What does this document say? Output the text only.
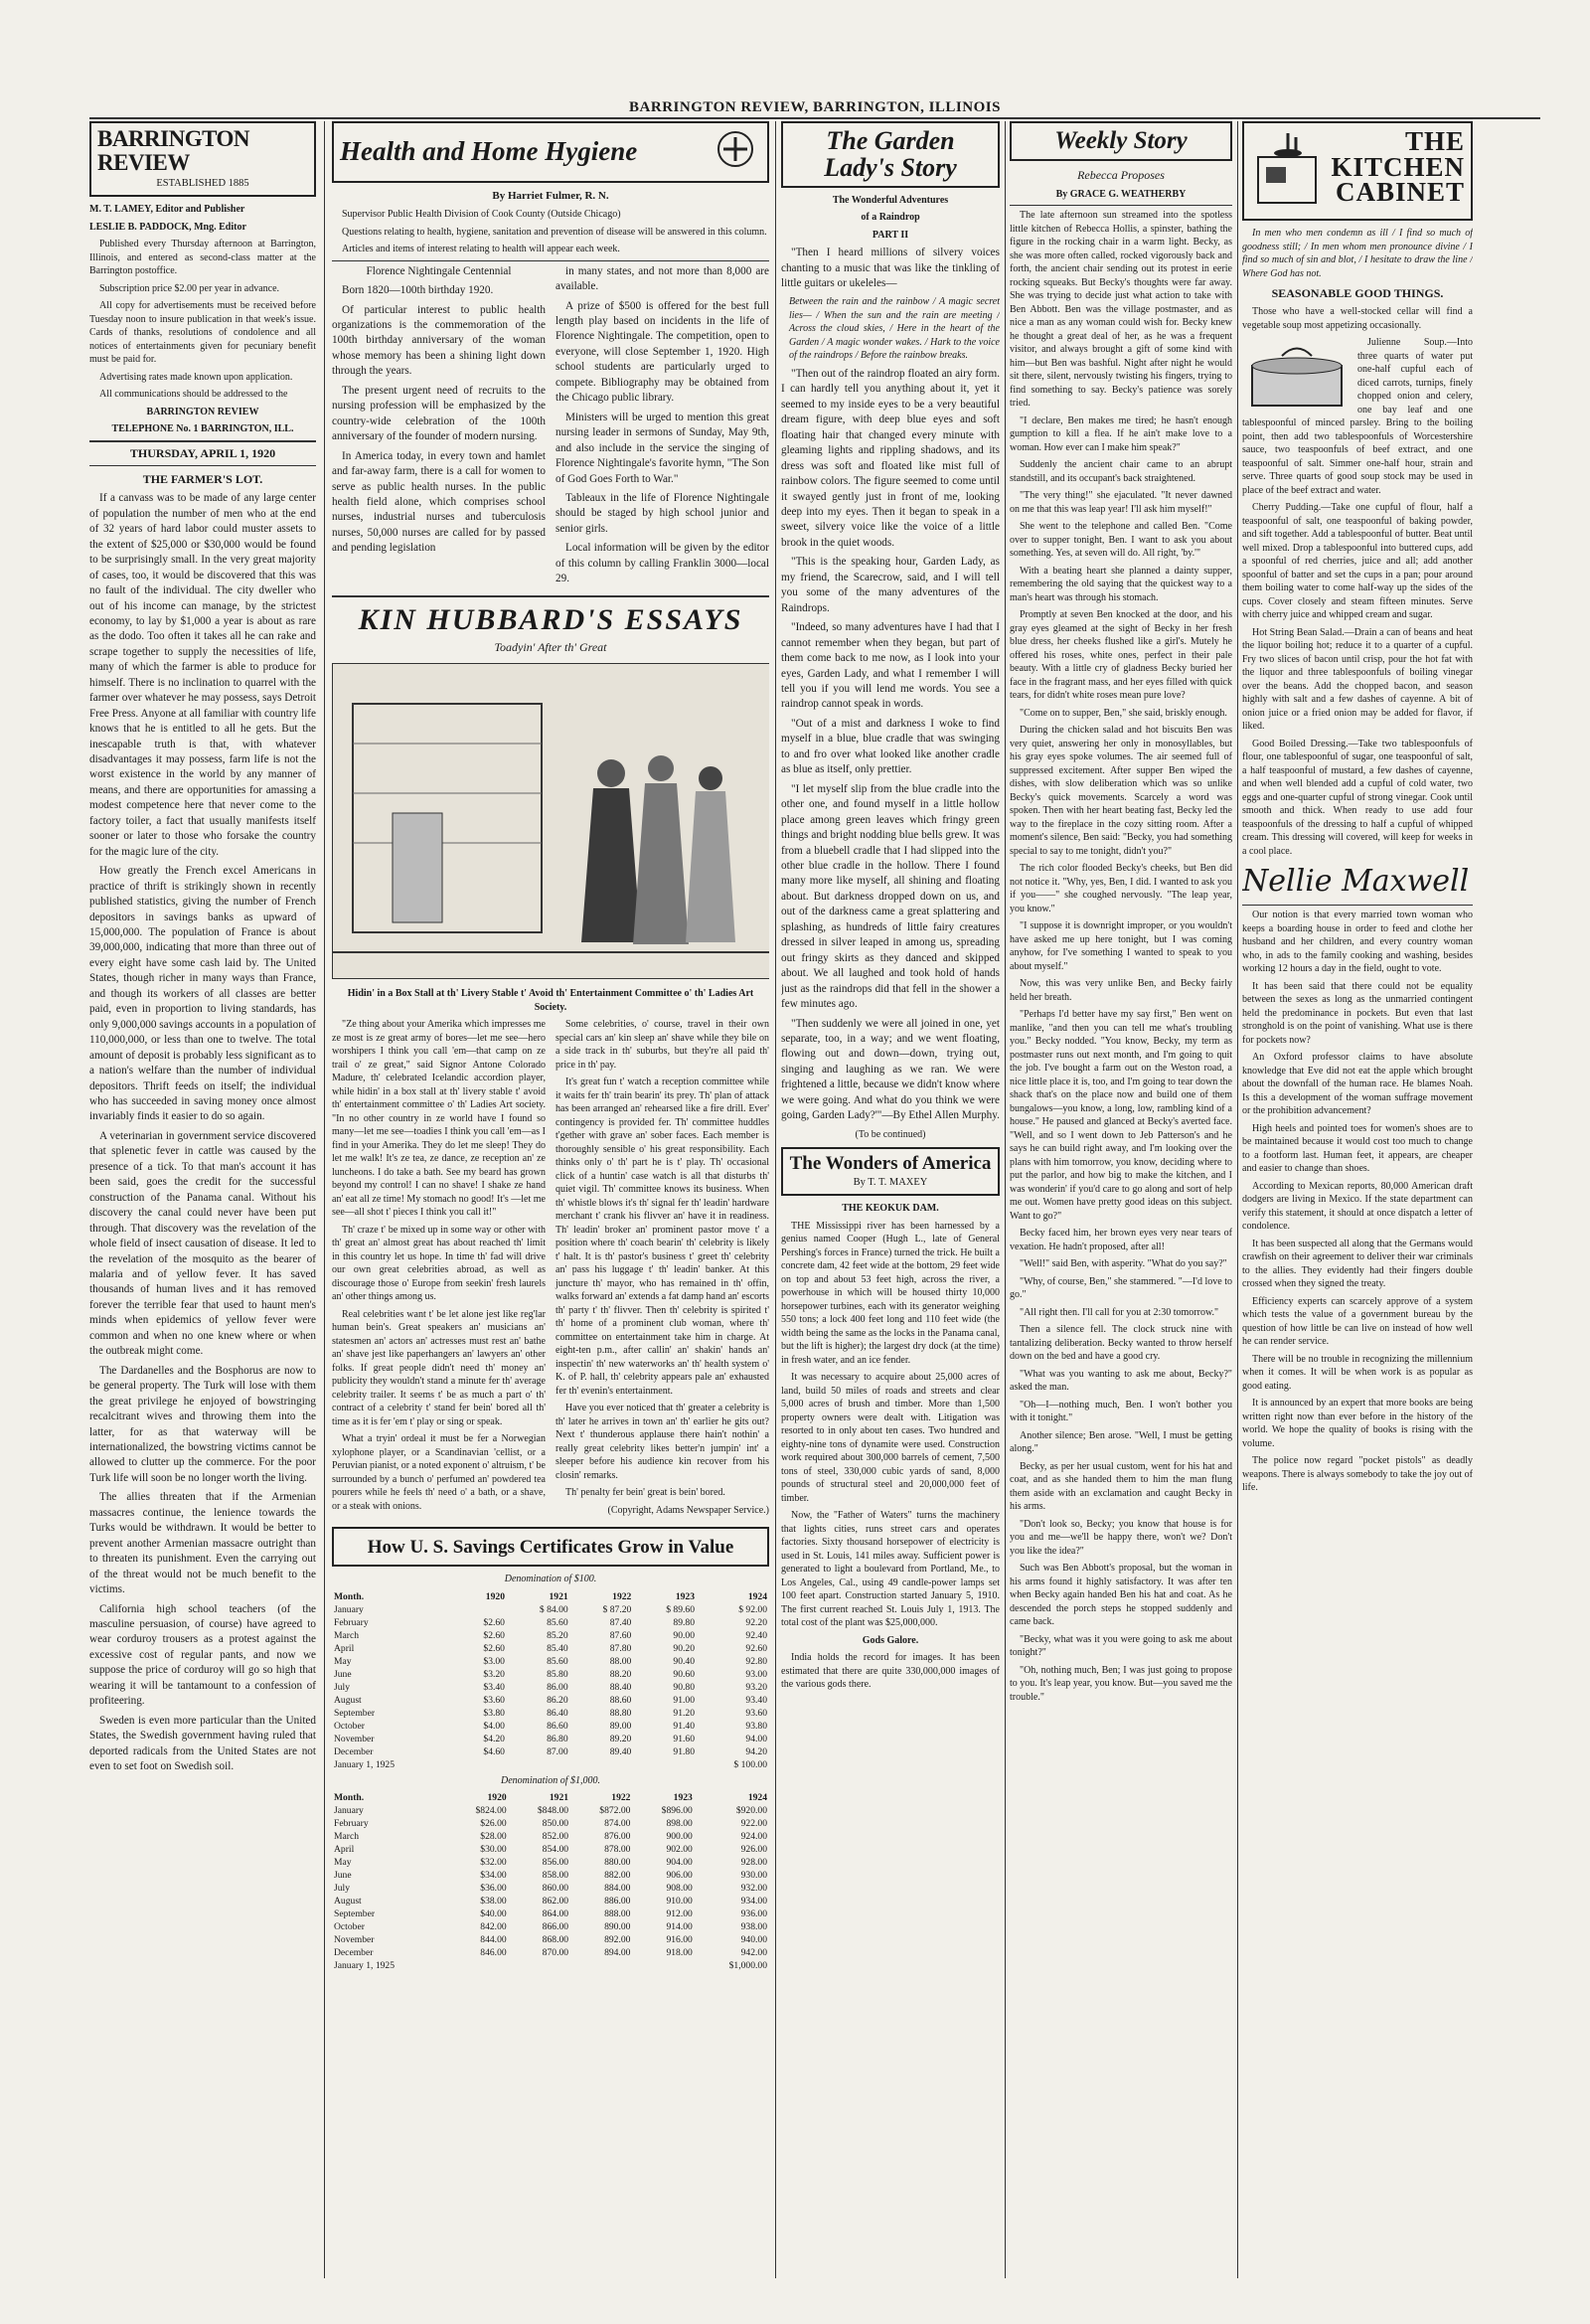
BARRINGTON REVIEW, BARRINGTON, ILLINOIS
BARRINGTON REVIEW
ESTABLISHED 1885

M. T. LAMEY, Editor and Publisher

LESLIE B. PADDOCK, Mng. Editor

Published every Thursday afternoon at Barrington, Illinois, and entered as second-class matter at the Barrington postoffice.

Subscription price $2.00 per year in advance.

All copy for advertisements must be received before Tuesday noon to insure publication in that week's issue. Cards of thanks, resolutions of condolence and all notices of entertainments given for pecuniary benefit must be paid for.

Advertising rates made known upon application.

All communications should be addressed to the

BARRINGTON REVIEW

TELEPHONE No. 1 BARRINGTON, ILL.

THURSDAY, APRIL 1, 1920

THE FARMER'S LOT.

If a canvass was to be made of any large center of population the number of men who at the end of 32 years of hard labor could muster assets to the extent of $25,000 or $30,000 would be found to be surprisingly small. In the very great majority of cases, too, it would be discovered that this was no fault of the individual. The city dweller who out of his income can manage, by the strictest economy, to lay by $1,000 a year is about as rare as the dodo. Too often it takes all he can rake and scrape together to supply the necessities of life, many of which the farmer is able to produce for himself. There is no inclination to quarrel with the farmer over whatever he may possess, says Detroit Free Press. Anyone at all familiar with country life knows that he is entitled to all he gets. But the inescapable truth is that, with whatever disadvantages it may possess, farm life is not the worst existence in the world by any manner of means, and there are opportunities for amassing a modest competence here that never come to the factory toiler, a fact that usually manifests itself sooner or later to those who forsake the country for the magic lure of the city.

How greatly the French excel Americans in practice of thrift is strikingly shown in recently published statistics, giving the number of French depositors in savings banks as upward of 15,000,000. The population of France is about 39,000,000, indicating that more than three out of every eight have some cash laid by. The United States, though richer in many ways than France, and though its workers of all classes are better paid, even in proportion to living standards, has only 9,000,000 savings accounts in a population of 110,000,000, or less than one to twelve. The total amount of deposit is probably less significant as to a nation's welfare than the number of individual depositors. Thrift feeds on itself; the individual who has succeeded in saving money once almost invariably finds it easier to do so again.

A veterinarian in government service discovered that splenetic fever in cattle was caused by the presence of a tick. To that man's account it has been said, goes the credit for the successful construction of the Panama canal. Without his discovery the canal could never have been put through. That discovery was the revelation of the whole field of insect causation of disease. It led to the revelation of the mosquito as the bearer of malaria and of yellow fever. It has saved thousands of human lives and it has removed forever the terrible fear that used to haunt men's minds when epidemics of yellow fever were common and when no one knew where or when the outbreak might come.

The Dardanelles and the Bosphorus are now to be general property. The Turk will lose with them the great privilege he enjoyed of bowstringing recalcitrant wives and throwing them into the latter, for as that waterway will be internationalized, the bowstring victims cannot be allowed to clutter up the commerce. For the poor Turk life will soon be no longer worth the living.

The allies threaten that if the Armenian massacres continue, the lenience towards the Turks would be withdrawn. It would be better to prevent another Armenian massacre outright than to threaten its punishment. Even the carrying out of the threat would not be much benefit to the victims.

California high school teachers (of the masculine persuasion, of course) have agreed to wear corduroy trousers as a protest against the excessive cost of regular pants, and now we suppose the price of corduroy will go so high that wearing it will be tantamount to a confession of profiteering.

Sweden is even more particular than the United States, the Swedish government having ruled that deported radicals from the United States are not even to set foot on Swedish soil.

Health and Home Hygiene

By Harriet Fulmer, R. N.

Supervisor Public Health Division of Cook County (Outside Chicago)

Questions relating to health, hygiene, sanitation and prevention of disease will be answered in this column.

Articles and items of interest relating to health will appear each week.

Florence Nightingale Centennial

Born 1820—100th birthday 1920.

Of particular interest to public health organizations is the commemoration of the 100th birthday anniversary of the woman whose memory has been a shining light down through the years.

The present urgent need of recruits to the nursing profession will be emphasized by the country-wide celebration of the 100th anniversary of the founder of modern nursing.

In America today, in every town and hamlet and far-away farm, there is a call for women to serve as public health nurses. In the public health field alone, which comprises school nurses, industrial nurses and tuberculosis nurses, 50,000 nurses are called for by passed and pending legislation

in many states, and not more than 8,000 are available.

A prize of $500 is offered for the best full length play based on incidents in the life of Florence Nightingale. The competition, open to everyone, will close September 1, 1920. High school students are particularly urged to compete. Bibliography may be obtained from the Chicago public library.

Ministers will be urged to mention this great nursing leader in sermons of Sunday, May 9th, and also include in the service the singing of Florence Nightingale's favorite hymn, "The Son of God Goes Forth to War."

Tableaux in the life of Florence Nightingale should be staged by high school junior and senior girls.

Local information will be given by the editor of this column by calling Franklin 3000—local 29.

KIN HUBBARD'S ESSAYS

Toadyin' After th' Great

Hidin' in a Box Stall at th' Livery Stable t' Avoid th' Entertainment Committee o' th' Ladies Art Society.

"Ze thing about your Amerika which impresses me ze most is ze great army of bores—let me see—hero worshipers I think you call 'em—that camp on ze trail o' ze great," said Signor Antone Colorado Madure, th' celebrated Icelandic accordion player, while hidin' in a box stall at th' livery stable t' avoid th' entertainment committee o' th' Ladies Art society. "In no other country in ze world have I found so many—let me see—toadies I think you call 'em—as I find in your Amerika. They do let me sleep! They do let me walk! It's ze tea, ze dance, ze reception an' ze luncheons. I do take a bath. See my beard has grown beyond my control! I can no shave! I shake ze hand an' eat all ze time! My stomach no good! It's —let me see—all shot t' pieces I think you call it!"

Th' craze t' be mixed up in some way or other with th' great an' almost great has about reached th' limit in this country let us hope. In time th' fad will drive our own great celebrities abroad, as well as discourage those o' Europe from seekin' fresh laurels an' other things among us.

Real celebrities want t' be let alone jest like reg'lar human bein's. Great speakers an' musicians an' statesmen an' actors an' actresses must rest an' bathe an' shave jest like paperhangers an' lawyers an' other folks. If great people didn't need th' money an' publicity they wouldn't stand a minute fer th' average celebrity trailer. It seems t' be as much a part o' th' contract of a celebrity t' stand fer bein' bored all th' time as it is fer 'em t' play or sing or speak.

What a tryin' ordeal it must be fer a Norwegian xylophone player, or a Scandinavian 'cellist, or a Peruvian pianist, or a noted exponent o' altruism, t' be surrounded by a bunch o' perfumed an' powdered tea pourers while he feels th' need o' a bath, or a shave, or a steak with onions.

Some celebrities, o' course, travel in their own special cars an' kin sleep an' shave while they bile on a side track in th' suburbs, but they're all paid th' price in th' pay.

It's great fun t' watch a reception committee while it waits fer th' train bearin' its prey. Th' plan of attack has been arranged an' rehearsed like a fire drill. Ever' contingency is provided fer. Th' committee huddles t'gether with grave an' sober faces. Each member is thoroughly sensible o' his great responsibility. Each thinks only o' th' part he is t' play. Th' occasional click of a huntin' case watch is all that disturbs th' quiet vigil. Th' committee knows its business. When th' whistle blows it's th' signal fer th' leadin' hardware merchant t' crank his flivver an' have it in readiness. Th' leadin' broker an' prominent pastor move t' a position where th' coach bearin' th' celebrity is likely t' halt. It is th' pastor's business t' greet th' celebrity an' pass his luggage t' th' leadin' banker. At this juncture th' mayor, who has remained in th' offin, walks forward an' extends a fat damp hand an' escorts th' party t' th' flivver. Then th' celebrity is spirited t' th' home of a prominent club woman, where th' committee on entertainment take him in charge. At eight-ten p.m., after callin' an' shakin' hands an' inspectin' th' new waterworks an' th' health system o' K. of P. hall, th' celebrity appears pale an' exhausted fer th' evenin's entertainment.

Have you ever noticed that th' greater a celebrity is th' later he arrives in town an' th' earlier he gits out? Next t' thunderous applause there hain't nothin' a really great celebrity likes better'n jumpin' int' a sleeper before his audience kin recover from his closin' remarks.

Th' penalty fer bein' great is bein' bored.

(Copyright, Adams Newspaper Service.)

How U. S. Savings Certificates Grow in Value

Denomination of $100.

Month.	1920	1921	1922	1923	1924
January		$ 84.00	$ 87.20	$ 89.60	$ 92.00
February	$2.60	85.60	87.40	89.80	92.20
March	$2.60	85.20	87.60	90.00	92.40
April	$2.60	85.40	87.80	90.20	92.60
May	$3.00	85.60	88.00	90.40	92.80
June	$3.20	85.80	88.20	90.60	93.00
July	$3.40	86.00	88.40	90.80	93.20
August	$3.60	86.20	88.60	91.00	93.40
September	$3.80	86.40	88.80	91.20	93.60
October	$4.00	86.60	89.00	91.40	93.80
November	$4.20	86.80	89.20	91.60	94.00
December	$4.60	87.00	89.40	91.80	94.20
January 1, 1925					$ 100.00

Denomination of $1,000.

Month.	1920	1921	1922	1923	1924
January	$824.00	$848.00	$872.00	$896.00	$920.00
February	$26.00	850.00	874.00	898.00	922.00
March	$28.00	852.00	876.00	900.00	924.00
April	$30.00	854.00	878.00	902.00	926.00
May	$32.00	856.00	880.00	904.00	928.00
June	$34.00	858.00	882.00	906.00	930.00
July	$36.00	860.00	884.00	908.00	932.00
August	$38.00	862.00	886.00	910.00	934.00
September	$40.00	864.00	888.00	912.00	936.00
October	842.00	866.00	890.00	914.00	938.00
November	844.00	868.00	892.00	916.00	940.00
December	846.00	870.00	894.00	918.00	942.00
January 1, 1925					$1,000.00
The Garden
Lady's Story

The Wonderful Adventures

of a Raindrop

PART II

"Then I heard millions of silvery voices chanting to a music that was like the tinkling of little guitars or ukeleles—

Between the rain and the rainbow / A magic secret lies— / When the sun and the rain are meeting / Across the cloud skies, / Here in the heart of the Garden / A magic wonder wakes. / Hark to the voice of the raindrops / Before the rainbow breaks.

"Then out of the raindrop floated an airy form. I can hardly tell you anything about it, yet it seemed to my inside eyes to be a very beautiful dream figure, with deep blue eyes and soft floating hair that changed every minute with gleaming lights and rippling shadows, and its dress was soft and floated like mist full of rainbow colors. The figure seemed to come until it swayed gently just in front of me, looking deep into my eyes. Then it began to speak in a sweet, silvery voice like the voice of a little brook in the quiet woods.

"This is the speaking hour, Garden Lady, as my friend, the Scarecrow, said, and I will tell you some of the many adventures of the Raindrops.

"Indeed, so many adventures have I had that I cannot remember when they began, but part of them come back to me now, as I look into your eyes, Garden Lady, and what I remember I will tell you if you will lend me words. You see a raindrop cannot speak in words.

"Out of a mist and darkness I woke to find myself in a blue, blue cradle that was swinging to and fro over what looked like another cradle as blue as itself, only prettier.

"I let myself slip from the blue cradle into the other one, and found myself in a little hollow place among green leaves which fringy green things and bright nodding blue bells grew. It was from a bluebell cradle that I had slipped into the other blue cradle in the hollow. There I found many more like myself, all shining and floating about. But darkness dropped down on us, and out of the darkness came a great splattering and splashing, as hundreds of little fairy creatures dressed in silver leaped in among us, spreading out fringy skirts as they danced and skipped about. We all laughed and took hold of hands just as the raindrops did that fell in the shower a few minutes ago.

"Then suddenly we were all joined in one, yet separate, too, in a way; and we went floating, flowing out and down—down, trying out, singing and laughing as we ran. We were frightened a little, because we didn't know where we were going. And what do you think we were going, Garden Lady?'"—By Ethel Allen Murphy.

(To be continued)

The Wonders of America
By T. T. MAXEY

THE KEOKUK DAM.

THE Mississippi river has been harnessed by a genius named Cooper (Hugh L., late of General Pershing's forces in France) turned the trick. He built a concrete dam, 42 feet wide at the bottom, 29 feet wide on top and about 53 feet high, across the river, a powerhouse in which will be housed thirty 10,000 horsepower turbines, each with its generator weighing 550 tons; a lock 400 feet long and 110 feet wide (the width being the same as the locks in the Panama canal, but the lift is higher); the largest dry dock (at the time) in fresh water, and an ice fender.

It was necessary to acquire about 25,000 acres of land, build 50 miles of roads and streets and clear 5,000 acres of brush and timber. More than 1,500 property owners were dealt with. Litigation was resorted to in only about ten cases. Two hundred and eighty-nine tons of dynamite were used. Construction work required about 300,000 barrels of cement, 7,500 tons of steel, 330,000 cubic yards of sand, 8,000 pounds of structural steel and 20,000,000 feet of timber.

Now, the "Father of Waters" turns the machinery that lights cities, runs street cars and operates factories. Sixty thousand horsepower of electricity is used in St. Louis, 141 miles away. Sufficient power is generated to light a boulevard from Portland, Me., to Los Angeles, Cal., using 49 candle-power lamps set 100 feet apart. Construction started January 5, 1910. The first current reached St. Louis July 1, 1913. The total cost of the plant was $25,000,000.

Gods Galore.

India holds the record for images. It has been estimated that there are quite 330,000,000 images of the various gods there.

Weekly Story

Rebecca Proposes

By GRACE G. WEATHERBY

The late afternoon sun streamed into the spotless little kitchen of Rebecca Hollis, a spinster, bathing the figure in the rocking chair in a warm light. Becky, as she was more often called, rocked vigorously back and forth, the ancient chair sending out its protest in eerie rocking squeaks. But Becky's thoughts were far away. She was trying to decide just what action to take with Ben Abbott. Ben was the village postmaster, and as nice a man as any woman could wish for. Becky knew he thought a great deal of her, as he was a frequent visitor, and always brought a gift of some kind with him—but Ben was bashful. Night after night he would sit there, silent, nervously twisting his fingers, trying to find something to say. Becky's patience was sorely tried.

"I declare, Ben makes me tired; he hasn't enough gumption to kill a flea. If he ain't make love to a woman. How ever can I make him speak?"

Suddenly the ancient chair came to an abrupt standstill, and its occupant's back straightened.

"The very thing!" she ejaculated. "It never dawned on me that this was leap year! I'll ask him myself!"

She went to the telephone and called Ben. "Come over to supper tonight, Ben. I want to ask you about something. Yes, at seven will do. All right, 'by.'"

With a beating heart she planned a dainty supper, remembering the old saying that the quickest way to a man's heart was through his stomach.

Promptly at seven Ben knocked at the door, and his gray eyes gleamed at the sight of Becky in her fresh blue dress, her cheeks flushed like a girl's. Mutely he offered his roses, white ones, perfect in their pale beauty. With a little cry of gladness Becky buried her face in the fragrant mass, and her eyes filled with quick tears, for didn't white roses mean pure love?

"Come on to supper, Ben," she said, briskly enough.

During the chicken salad and hot biscuits Ben was very quiet, answering her only in monosyllables, but his gray eyes spoke volumes. The air seemed full of suppressed excitement. After supper Ben wiped the dishes, with slow deliberation which was so unlike Becky's quick movements. Scarcely a word was spoken. Then with her heart beating fast, Becky led the way to the fireplace in the cozy sitting room. After a moment's silence, Ben said: "Becky, you had something special to say to me tonight, didn't you?"

The rich color flooded Becky's cheeks, but Ben did not notice it. "Why, yes, Ben, I did. I wanted to ask you if you——" she coughed nervously. "The leap year, you know."

"I suppose it is downright improper, or you wouldn't have asked me up here tonight, but I was coming anyhow, for I've something I wanted to speak to you about myself."

Now, this was very unlike Ben, and Becky fairly held her breath.

"Perhaps I'd better have my say first," Ben went on manlike, "and then you can tell me what's troubling you." Becky nodded. "You know, Becky, my term as postmaster runs out next month, and I'm going to quit the job. I've bought a farm out on the Weston road, a nice little place it is, too, and I'm going to tear down the shack that's on the place now and build one of them bungalows—you know, a long, low, rambling kind of a house." He paused and glanced at Becky's averted face. "Well, and so I went down to Jeb Patterson's and he says he can build right away, and I'm looking over the plans with him tomorrow, you know, deciding where to put the parlor, and how big to make the kitchen, and I was wonderin' if you'd care to go along and sort of help me out. Women have pretty good ideas on this subject. Want to go?"

Becky faced him, her brown eyes very near tears of vexation. He hadn't proposed, after all!

"Well!" said Ben, with asperity. "What do you say?"

"Why, of course, Ben," she stammered. "—I'd love to go."

"All right then. I'll call for you at 2:30 tomorrow."

Then a silence fell. The clock struck nine with tantalizing deliberation. Becky wanted to throw herself down on the bed and have a good cry.

"What was you wanting to ask me about, Becky?" asked the man.

"Oh—I—nothing much, Ben. I won't bother you with it tonight."

Another silence; Ben arose. "Well, I must be getting along."

Becky, as per her usual custom, went for his hat and coat, and as she handed them to him the man flung them aside with an exclamation and caught Becky in his arms.

"Don't look so, Becky; you know that house is for you and me—we'll be happy there, won't we? Don't you like the idea?"

Such was Ben Abbott's proposal, but the woman in his arms found it highly satisfactory. It was after ten when Becky again handed Ben his hat and coat. As he descended the porch steps he stopped suddenly and came back.

"Becky, what was it you were going to ask me about tonight?"

"Oh, nothing much, Ben; I was just going to propose to you. It's leap year, you know. But—you saved me the trouble."

THE KITCHEN CABINET

In men who men condemn as ill / I find so much of goodness still; / In men whom men pronounce divine / I find so much of sin and blot, / I hesitate to draw the line / Where God has not.

SEASONABLE GOOD THINGS.

Those who have a well-stocked cellar will find a vegetable soup most appetizing occasionally.

Julienne Soup.—Into three quarts of water put one-half cupful each of diced carrots, turnips, finely chopped onion and celery, one bay leaf and one tablespoonful of minced parsley. Bring to the boiling point, then add two tablespoonfuls of Worcestershire sauce, two teaspoonfuls of beef extract, and one teaspoonful of salt. Simmer one-half hour, strain and serve. Three quarts of good soup stock may be used in place of the beef extract and water.

Cherry Pudding.—Take one cupful of flour, half a teaspoonful of salt, one teaspoonful of baking powder, and sift together. Add a tablespoonful of butter. Beat until well mixed. Drop a tablespoonful into buttered cups, add a spoonful of red cherries, juice and all; add another spoonful of batter and set the cups in a pan; pour around them boiling water to come half-way up the sides of the cups. Cover closely and steam fifteen minutes. Serve with cherry juice and whipped cream and sugar.

Hot String Bean Salad.—Drain a can of beans and heat the liquor boiling hot; reduce it to a quarter of a cupful. Fry two slices of bacon until crisp, pour the hot fat with the liquor and three tablespoonfuls of boiling vinegar over the beans. Add the chopped bacon, and season highly with salt and a few dashes of cayenne. A bit of onion juice or a fried onion may be added for flavor, if liked.

Good Boiled Dressing.—Take two tablespoonfuls of flour, one tablespoonful of sugar, one teaspoonful of salt, a half teaspoonful of mustard, a few dashes of cayenne, and when well blended add a cupful of cold water, two eggs and one-quarter cupful of strong vinegar. Cook until smooth and thick. When ready to use add four teaspoonfuls of the dressing to half a cupful of whipped cream. This dressing will covered, will keep for weeks in a cool place.

Nellie Maxwell

Our notion is that every married town woman who keeps a boarding house in order to feed and clothe her husband and her children, and every country woman who, in ads to the family cooking and washing, besides working 12 hours a day in the field, ought to vote.

It has been said that there could not be equality between the sexes as long as the unmarried contingent held the predominance in pockets. But even that last stronghold is on the point of vanishing. What use is there for pockets now?

An Oxford professor claims to have absolute knowledge that Eve did not eat the apple which brought about the downfall of the human race. He blames Noah. Is this a development of the woman suffrage movement or the prohibition advancement?

High heels and pointed toes for women's shoes are to be maintained because it would cost too much to change to a footform last. Human feet, it appears, are cheaper and easier to change than shoes.

According to Mexican reports, 80,000 American draft dodgers are living in Mexico. If the state department can verify this statement, it should at once dispatch a letter of condolence.

It has been suspected all along that the Germans would crawfish on their agreement to deliver their war criminals to the allies. They evidently had their fingers double crossed when they signed the treaty.

Efficiency experts can scarcely approve of a system which tests the value of a government bureau by the question of how little be can live on instead of how well he can render service.

There will be no trouble in recognizing the millennium when it comes. It will be when work is as popular as good eating.

It is announced by an expert that more books are being written right now than ever before in the history of the world. We hope the quality of books is rising with the volume.

The police now regard "pocket pistols" as deadly weapons. There is always somebody to take the joy out of life.
